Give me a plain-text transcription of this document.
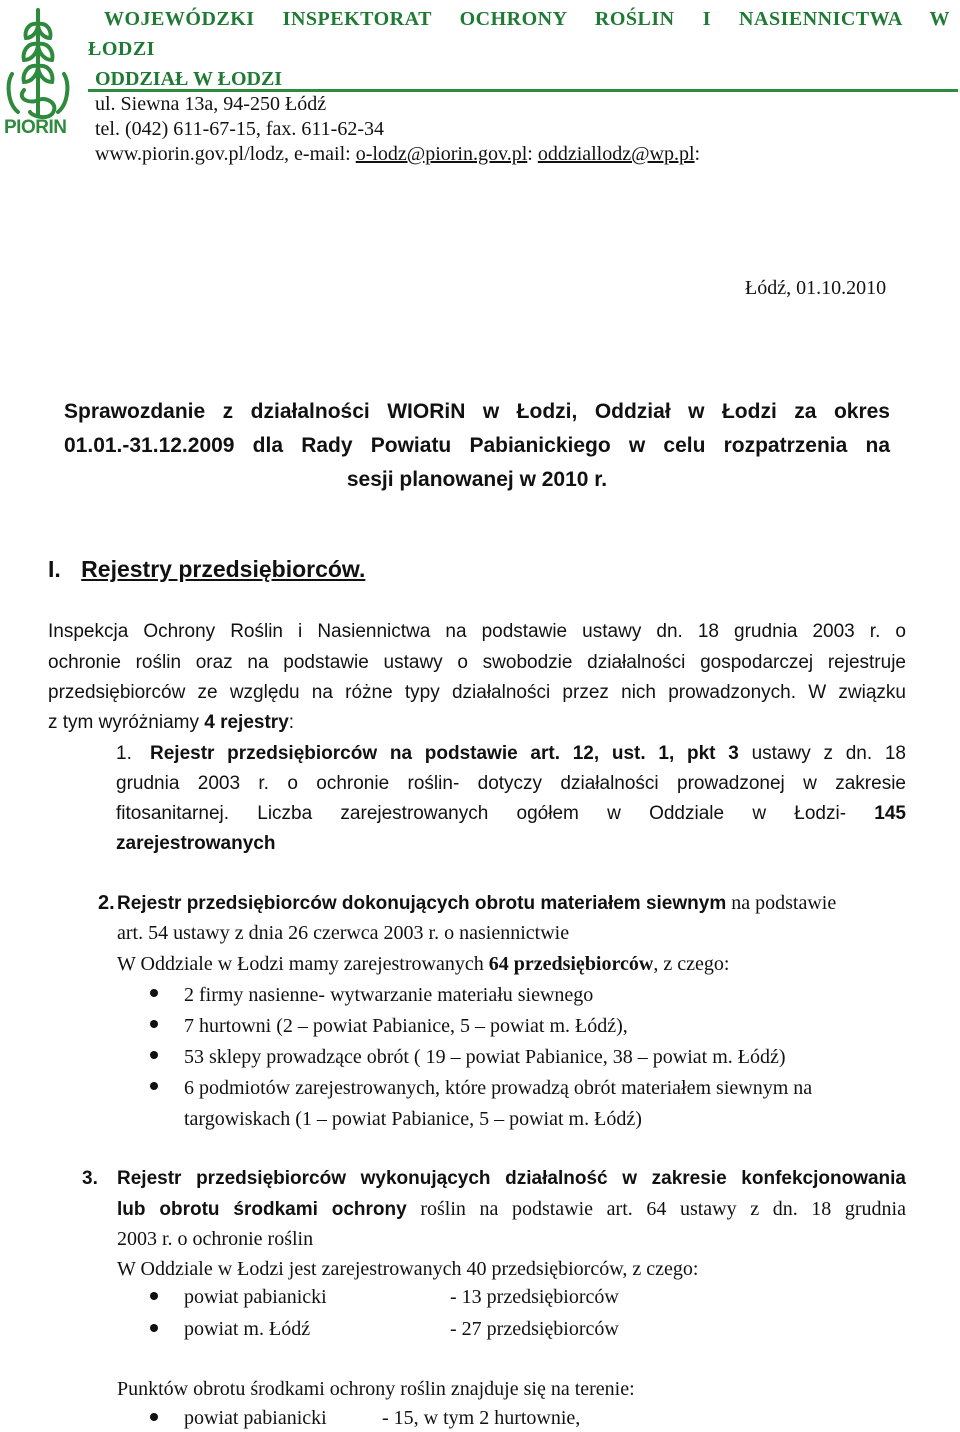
PIORIN
WOJEWÓDZKI INSPEKTORAT OCHRONY ROŚLIN I NASIENNICTWA W
ŁODZI
ODDZIAŁ W ŁODZI
ul. Siewna 13a, 94-250 Łódź
tel. (042) 611-67-15, fax. 611-62-34
www.piorin.gov.pl/lodz, e-mail: o-lodz@piorin.gov.pl: oddziallodz@wp.pl:
Łódź, 01.10.2010
Sprawozdanie z działalności WIORiN w Łodzi, Oddział w Łodzi za okres
01.01.-31.12.2009 dla Rady Powiatu Pabianickiego w celu rozpatrzenia na
sesji planowanej w 2010 r.
I. Rejestry przedsiębiorców.
Inspekcja Ochrony Roślin i Nasiennictwa na podstawie ustawy dn. 18 grudnia 2003 r. o
ochronie roślin oraz na podstawie ustawy o swobodzie działalności gospodarczej rejestruje
przedsiębiorców ze względu na różne typy działalności przez nich prowadzonych. W związku
z tym wyróżniamy 4 rejestry:
1. Rejestr przedsiębiorców na podstawie art. 12, ust. 1, pkt 3 ustawy z dn. 18
grudnia 2003 r. o ochronie roślin- dotyczy działalności prowadzonej w zakresie
fitosanitarnej. Liczba zarejestrowanych ogółem w Oddziale w Łodzi- 145
zarejestrowanych
2. Rejestr przedsiębiorców dokonujących obrotu materiałem siewnym na podstawie
art. 54 ustawy z dnia 26 czerwca 2003 r. o nasiennictwie
W Oddziale w Łodzi mamy zarejestrowanych 64 przedsiębiorców, z czego:
2 firmy nasienne- wytwarzanie materiału siewnego
7 hurtowni (2 – powiat Pabianice, 5 – powiat m. Łódź),
53 sklepy prowadzące obrót ( 19 – powiat Pabianice, 38 – powiat m. Łódź)
6 podmiotów zarejestrowanych, które prowadzą obrót materiałem siewnym na
targowiskach (1 – powiat Pabianice, 5 – powiat m. Łódź)
3. Rejestr przedsiębiorców wykonujących działalność w zakresie konfekcjonowania
lub obrotu środkami ochrony roślin na podstawie art. 64 ustawy z dn. 18 grudnia
2003 r. o ochronie roślin
W Oddziale w Łodzi jest zarejestrowanych 40 przedsiębiorców, z czego:
powiat pabianicki	- 13 przedsiębiorców
powiat m. Łódź	- 27 przedsiębiorców
Punktów obrotu środkami ochrony roślin znajduje się na terenie:
powiat pabianicki	- 15, w tym 2 hurtownie,
